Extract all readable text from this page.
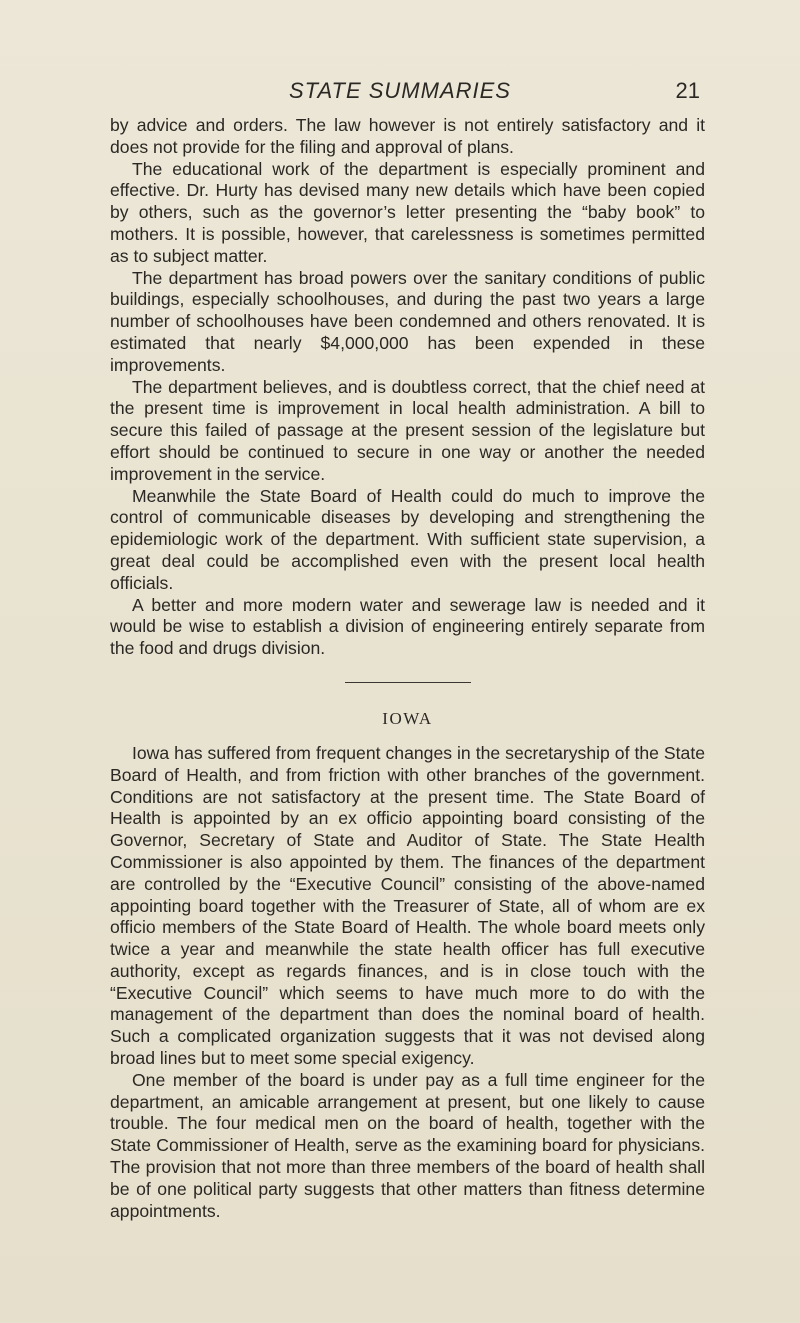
STATE SUMMARIES	21

by advice and orders. The law however is not entirely satisfactory and it does not provide for the filing and approval of plans.

The educational work of the department is especially prominent and effective. Dr. Hurty has devised many new details which have been copied by others, such as the governor’s letter presenting the “baby book” to mothers. It is possible, however, that carelessness is sometimes permitted as to subject matter.

The department has broad powers over the sanitary conditions of public buildings, especially schoolhouses, and during the past two years a large number of schoolhouses have been condemned and others renovated. It is estimated that nearly $4,000,000 has been expended in these improvements.

The department believes, and is doubtless correct, that the chief need at the present time is improvement in local health administration. A bill to secure this failed of passage at the present session of the legislature but effort should be continued to secure in one way or another the needed improvement in the service.

Meanwhile the State Board of Health could do much to improve the control of communicable diseases by developing and strengthening the epidemiologic work of the department. With sufficient state supervision, a great deal could be accomplished even with the present local health officials.

A better and more modern water and sewerage law is needed and it would be wise to establish a division of engineering entirely separate from the food and drugs division.

IOWA

Iowa has suffered from frequent changes in the secretaryship of the State Board of Health, and from friction with other branches of the government. Conditions are not satisfactory at the present time. The State Board of Health is appointed by an ex officio appointing board consisting of the Governor, Secretary of State and Auditor of State. The State Health Commissioner is also appointed by them. The finances of the department are controlled by the “Executive Council” consisting of the above-named appointing board together with the Treasurer of State, all of whom are ex officio members of the State Board of Health. The whole board meets only twice a year and meanwhile the state health officer has full executive authority, except as regards finances, and is in close touch with the “Executive Council” which seems to have much more to do with the management of the department than does the nominal board of health. Such a complicated organization suggests that it was not devised along broad lines but to meet some special exigency.

One member of the board is under pay as a full time engineer for the department, an amicable arrangement at present, but one likely to cause trouble. The four medical men on the board of health, together with the State Commissioner of Health, serve as the examining board for physicians. The provision that not more than three members of the board of health shall be of one political party suggests that other matters than fitness determine appointments.
